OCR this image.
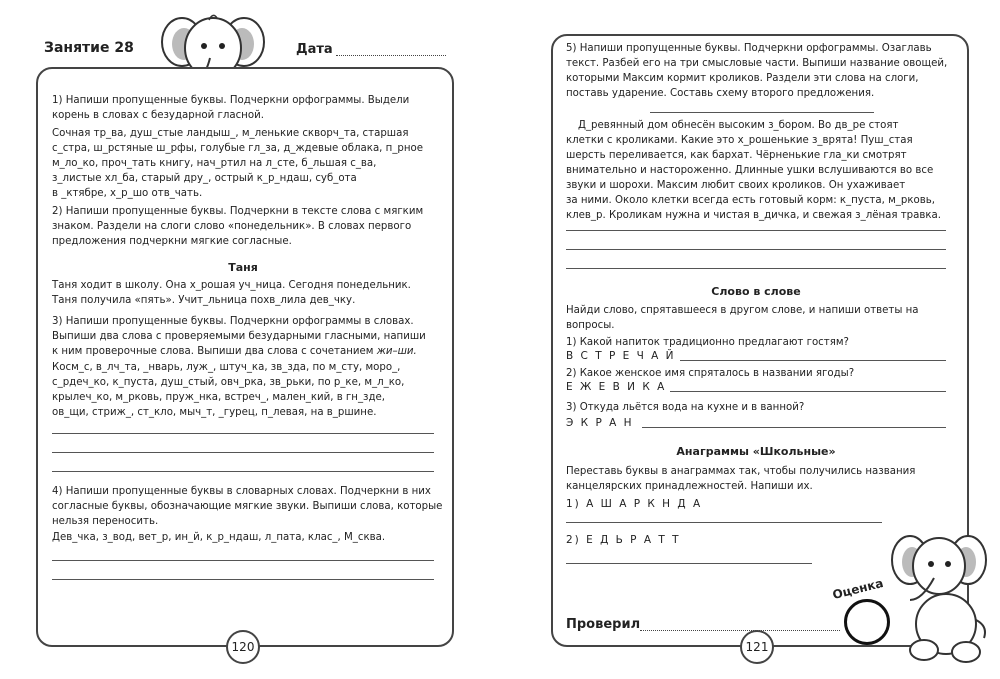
Занятие 28	Дата
1) Напиши пропущенные буквы. Подчеркни орфограммы. Выдели
корень в словах с безударной гласной.
Сочная тр_ва, душ_стые ландыш_, м_ленькие скворч_та, старшая
с_стра, ш_рстяные ш_рфы, голубые гл_за, д_ждевые облака, п_рное
м_ло_ко, проч_тать книгу, нач_ртил на л_сте, б_льшая с_ва,
з_листые хл_ба, старый дру_, острый к_р_ндаш, суб_ота
в _ктябре, х_р_шо отв_чать.
2) Напиши пропущенные буквы. Подчеркни в тексте слова с мягким
знаком. Раздели на слоги слово «понедельник». В словах первого
предложения подчеркни мягкие согласные.
Таня
Таня ходит в школу. Она х_рошая уч_ница. Сегодня понедельник.
Таня получила «пять». Учит_льница похв_лила дев_чку.
3) Напиши пропущенные буквы. Подчеркни орфограммы в словах.
Выпиши два слова с проверяемыми безударными гласными, напиши
к ним проверочные слова. Выпиши два слова с сочетанием жи–ши.
Косм_с, в_лч_та, _нварь, луж_, штуч_ка, зв_зда, по м_сту, моро_,
с_рдеч_ко, к_пуста, душ_стый, овч_рка, зв_рьки, по р_ке, м_л_ко,
крылеч_ко, м_рковь, пруж_нка, встреч_, мален_кий, в гн_зде,
ов_щи, стриж_, ст_кло, мыч_т, _гурец, п_левая, на в_ршине.
4) Напиши пропущенные буквы в словарных словах. Подчеркни в них
согласные буквы, обозначающие мягкие звуки. Выпиши слова, которые
нельзя переносить.
Дев_чка, з_вод, вет_р, ин_й, к_р_ндаш, л_пата, клас_, М_сква.
120
5) Напиши пропущенные буквы. Подчеркни орфограммы. Озаглавь
текст. Разбей его на три смысловые части. Выпиши название овощей,
которыми Максим кормит кроликов. Раздели эти слова на слоги,
поставь ударение. Составь схему второго предложения.
Д_ревянный дом обнесён высоким з_бором. Во дв_ре стоят
клетки с кроликами. Какие это х_рошенькие з_врята! Пуш_стая
шерсть переливается, как бархат. Чёрненькие гла_ки смотрят
внимательно и настороженно. Длинные ушки вслушиваются во все
звуки и шорохи. Максим любит своих кроликов. Он ухаживает
за ними. Около клетки всегда есть готовый корм: к_пуста, м_рковь,
клев_р. Кроликам нужна и чистая в_дичка, и свежая з_лёная травка.
Слово в слове
Найди слово, спрятавшееся в другом слове, и напиши ответы на
вопросы.
1) Какой напиток традиционно предлагают гостям?
В С Т Р Е Ч А Й
2) Какое женское имя спряталось в названии ягоды?
Е Ж Е В И К А
3) Откуда льётся вода на кухне и в ванной?
Э К Р А Н
Анаграммы «Школьные»
Переставь буквы в анаграммах так, чтобы получились названия
канцелярских принадлежностей. Напиши их.
1) А Ш А Р К Н Д А
2) Е Д Ь Р А Т Т
Проверил
Оценка
121
